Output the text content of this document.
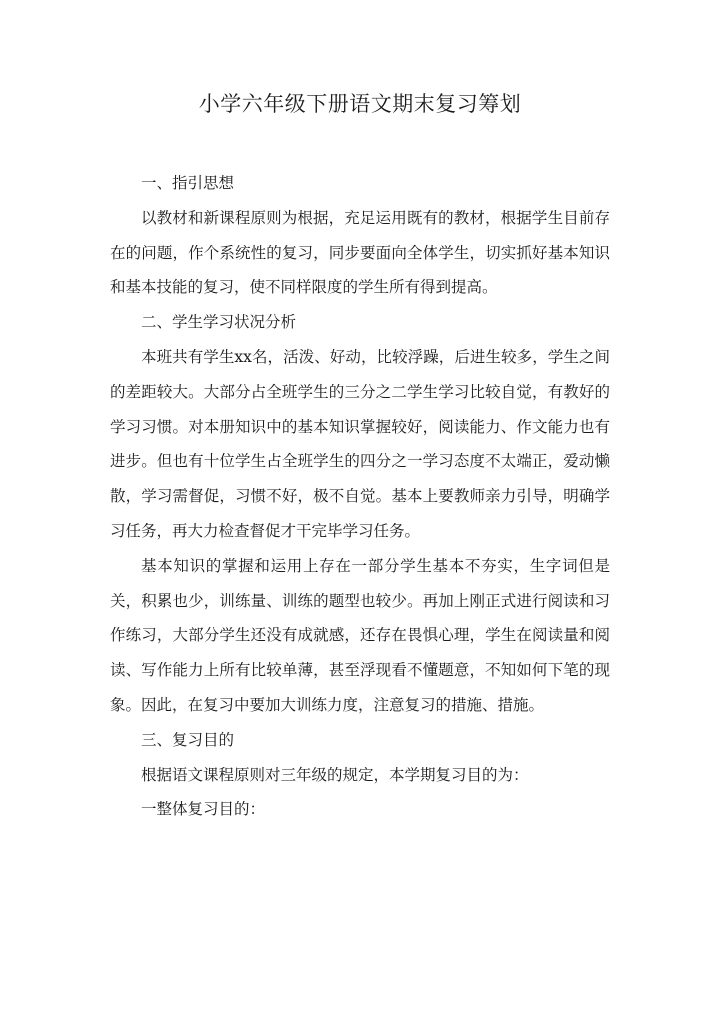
小学六年级下册语文期末复习筹划

一、指引思想

以教材和新课程原则为根据，充足运用既有的教材，根据学生目前存在的问题，作个系统性的复习，同步要面向全体学生，切实抓好基本知识和基本技能的复习，使不同样限度的学生所有得到提高。

二、学生学习状况分析

本班共有学生xx名，活泼、好动，比较浮躁，后进生较多，学生之间的差距较大。大部分占全班学生的三分之二学生学习比较自觉，有教好的学习习惯。对本册知识中的基本知识掌握较好，阅读能力、作文能力也有进步。但也有十位学生占全班学生的四分之一学习态度不太端正，爱动懒散，学习需督促，习惯不好，极不自觉。基本上要教师亲力引导，明确学习任务，再大力检查督促才干完毕学习任务。

基本知识的掌握和运用上存在一部分学生基本不夯实，生字词但是关，积累也少，训练量、训练的题型也较少。再加上刚正式进行阅读和习作练习，大部分学生还没有成就感，还存在畏惧心理，学生在阅读量和阅读、写作能力上所有比较单薄，甚至浮现看不懂题意，不知如何下笔的现象。因此，在复习中要加大训练力度，注意复习的措施、措施。

三、复习目的

根据语文课程原则对三年级的规定，本学期复习目的为：

一整体复习目的：
